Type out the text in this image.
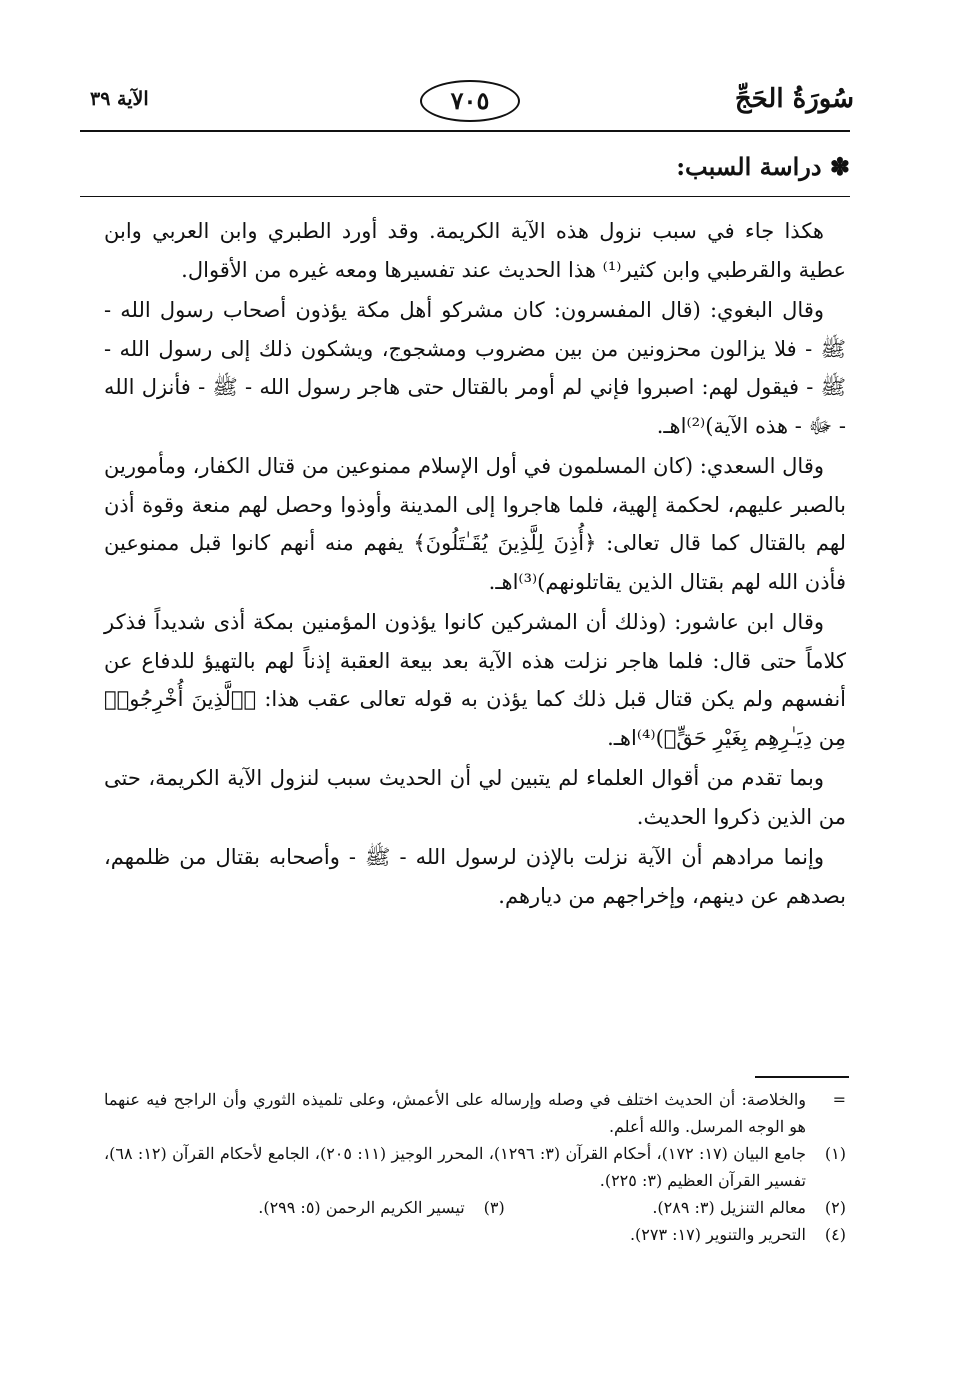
سُورَةُ الحَجِّ
٧٠٥
الآية ٣٩
✽ دراسة السبب:

هكذا جاء في سبب نزول هذه الآية الكريمة. وقد أورد الطبري وابن العربي وابن عطية والقرطبي وابن كثير⁽¹⁾ هذا الحديث عند تفسيرها ومعه غيره من الأقوال.

وقال البغوي: (قال المفسرون: كان مشركو أهل مكة يؤذون أصحاب رسول الله - ﷺ - فلا يزالون محزونين من بين مضروب ومشجوج، ويشكون ذلك إلى رسول الله - ﷺ - فيقول لهم: اصبروا فإني لم أومر بالقتال حتى هاجر رسول الله - ﷺ - فأنزل الله - ﷻ - هذه الآية)⁽²⁾اهـ.

وقال السعدي: (كان المسلمون في أول الإسلام ممنوعين من قتال الكفار، ومأمورين بالصبر عليهم، لحكمة إلهية، فلما هاجروا إلى المدينة وأوذوا وحصل لهم منعة وقوة أذن لهم بالقتال كما قال تعالى: ﴿أُذِنَ لِلَّذِينَ يُقَـٰتَلُونَ﴾ يفهم منه أنهم كانوا قبل ممنوعين فأذن الله لهم بقتال الذين يقاتلونهم)⁽³⁾اهـ.

وقال ابن عاشور: (وذلك أن المشركين كانوا يؤذون المؤمنين بمكة أذى شديداً فذكر كلاماً حتى قال: فلما هاجر نزلت هذه الآية بعد بيعة العقبة إذناً لهم بالتهيؤ للدفاع عن أنفسهم ولم يكن قتال قبل ذلك كما يؤذن به قوله تعالى عقب هذا: ﴿ٱلَّذِينَ أُخْرِجُوا۟ مِن دِيَـٰرِهِم بِغَيْرِ حَقٍّ﴾)⁽⁴⁾اهـ.

وبما تقدم من أقوال العلماء لم يتبين لي أن الحديث سبب لنزول الآية الكريمة، حتى من الذين ذكروا الحديث.

وإنما مرادهم أن الآية نزلت بالإذن لرسول الله - ﷺ - وأصحابه بقتال من ظلمهم، بصدهم عن دينهم، وإخراجهم من ديارهم.

=
والخلاصة: أن الحديث اختلف في وصله وإرساله على الأعمش، وعلى تلميذه الثوري وأن الراجح فيه عنهما هو الوجه المرسل. والله أعلم.
(١)
جامع البيان (١٧: ١٧٢)، أحكام القرآن (٣: ١٢٩٦)، المحرر الوجيز (١١: ٢٠٥)، الجامع لأحكام القرآن (١٢: ٦٨)، تفسير القرآن العظيم (٣: ٢٢٥).
(٢)
معالم التنزيل (٣: ٢٨٩).
(٣)
تيسير الكريم الرحمن (٥: ٢٩٩).
(٤)
التحرير والتنوير (١٧: ٢٧٣).
